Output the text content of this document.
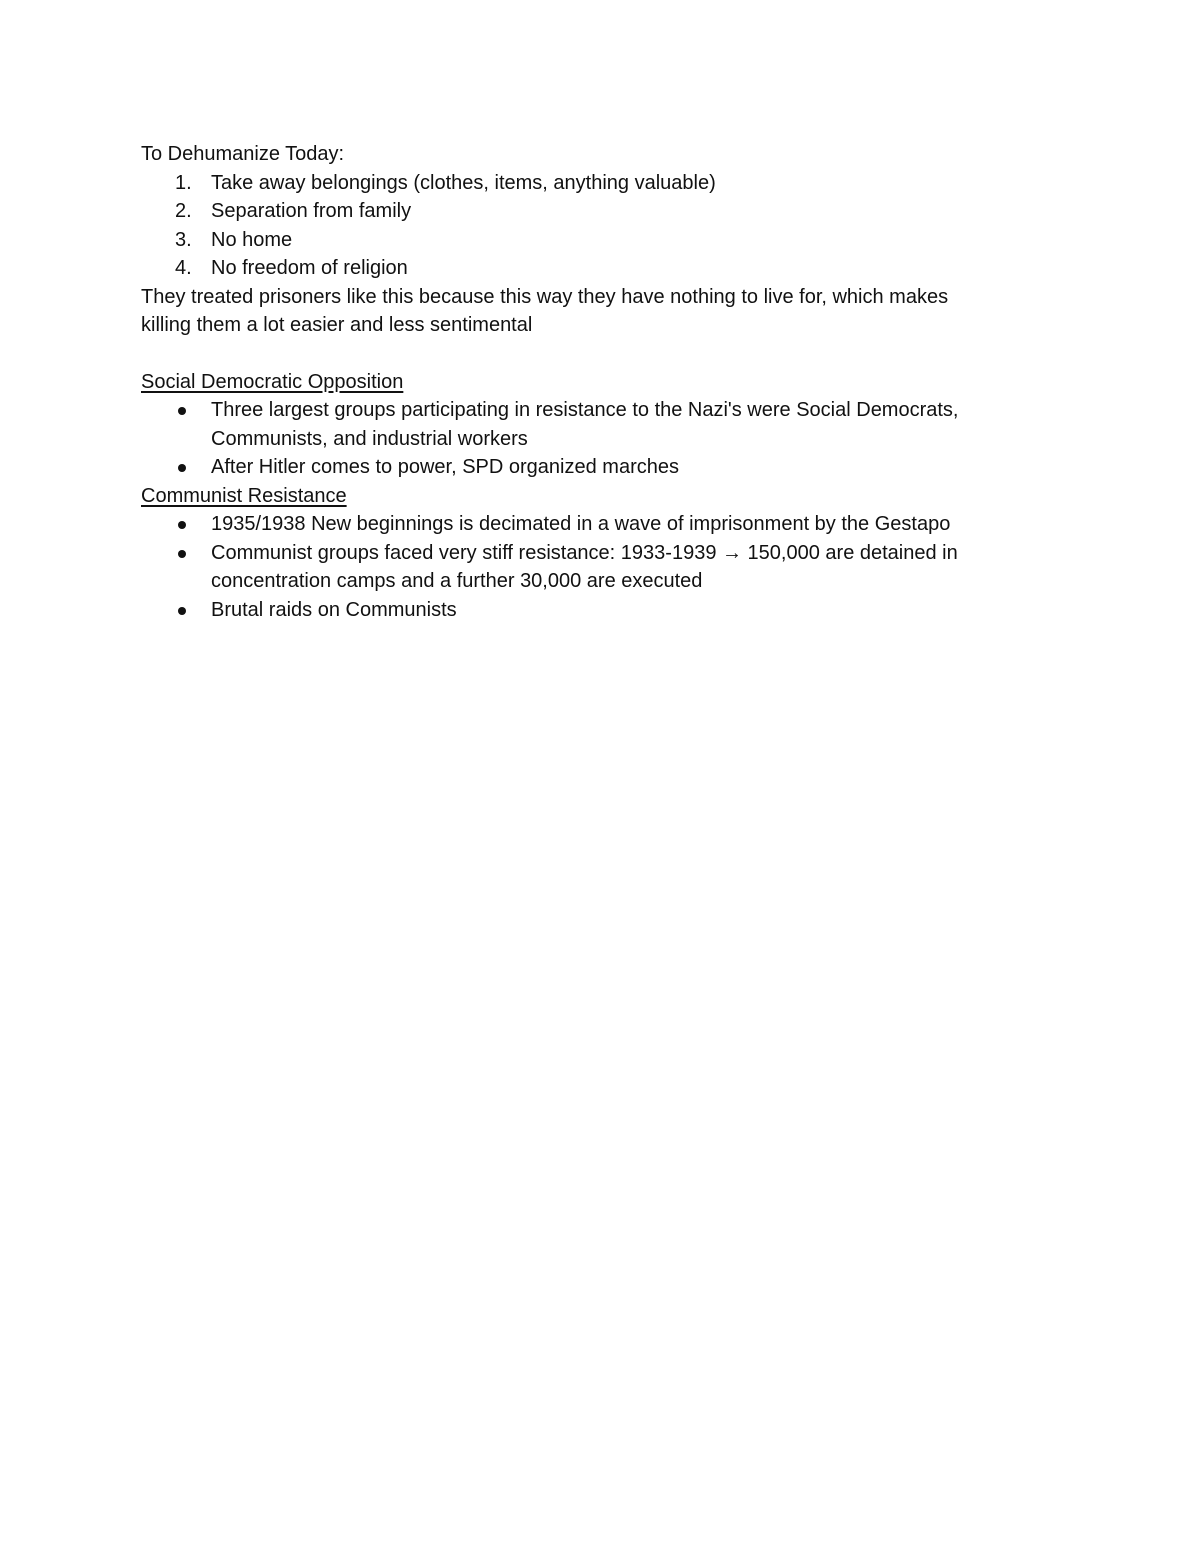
To Dehumanize Today:
1. Take away belongings (clothes, items, anything valuable)
2. Separation from family
3. No home
4. No freedom of religion
They treated prisoners like this because this way they have nothing to live for, which makes
killing them a lot easier and less sentimental
Social Democratic Opposition
Three largest groups participating in resistance to the Nazi's were Social Democrats,
Communists, and industrial workers
After Hitler comes to power, SPD organized marches
Communist Resistance
1935/1938 New beginnings is decimated in a wave of imprisonment by the Gestapo
Communist groups faced very stiff resistance: 1933-1939 → 150,000 are detained in
concentration camps and a further 30,000 are executed
Brutal raids on Communists
